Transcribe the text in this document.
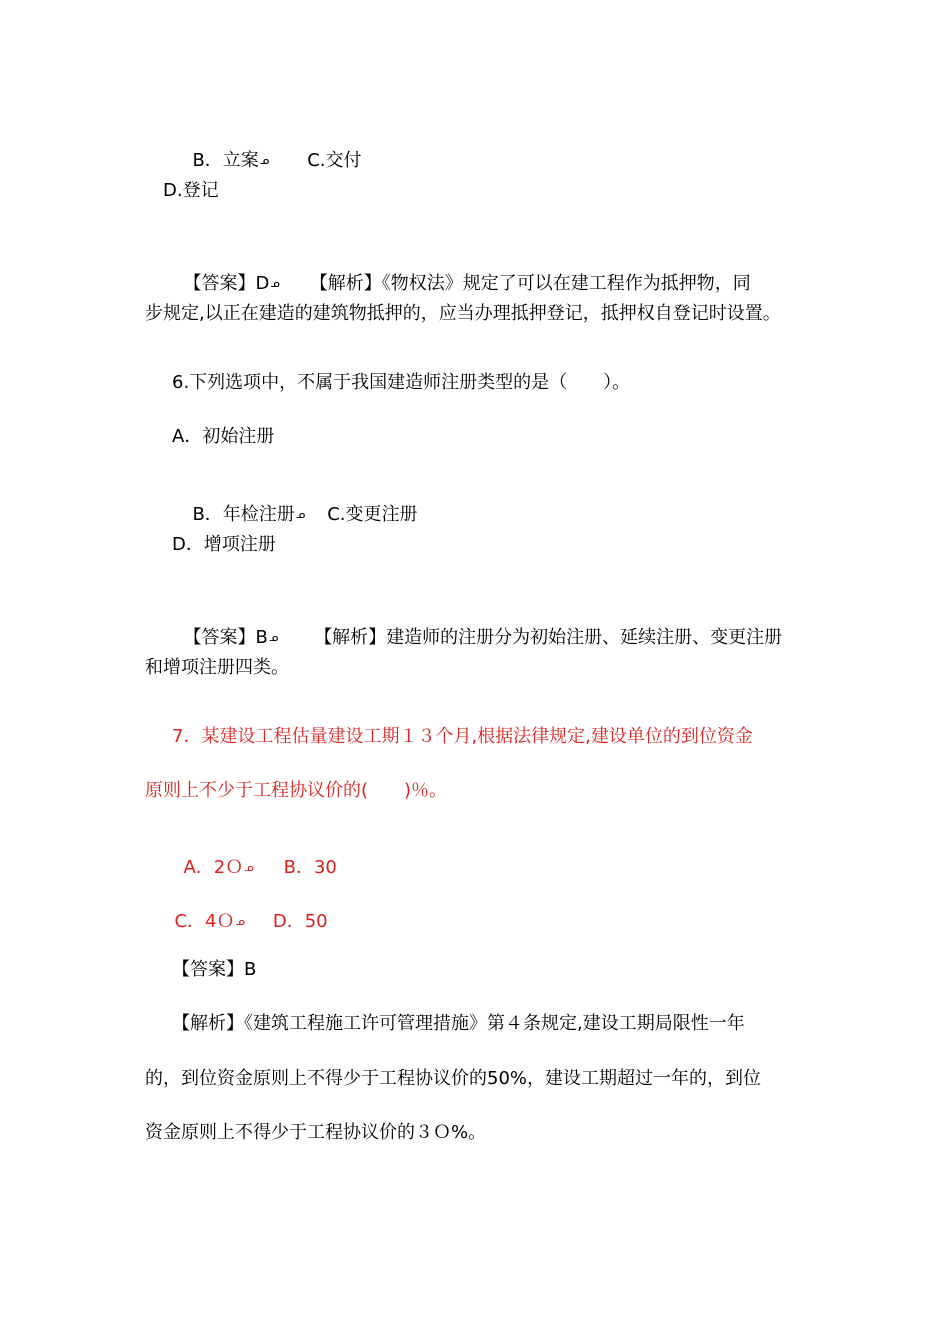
B．立案ᓄ C.交付

D.登记

【答案】Dᓄ 【解析】《物权法》规定了可以在建工程作为抵押物，同

步规定,以正在建造的建筑物抵押的，应当办理抵押登记，抵押权自登记时设置。
6.下列选项中，不属于我国建造师注册类型的是（　　）。
A．初始注册

B．年检注册ᓄ C.变更注册

D．增项注册

【答案】Bᓄ 【解析】建造师的注册分为初始注册、延续注册、变更注册

和增项注册四类。
7．某建设工程估量建设工期１３个月,根据法律规定,建设单位的到位资金
原则上不少于工程协议价的(　　)％。

A．2Ｏᓄ B．30

C．4Ｏᓄ D．50

【答案】B
【解析】《建筑工程施工许可管理措施》第４条规定,建设工期局限性一年
的，到位资金原则上不得少于工程协议价的50%，建设工期超过一年的，到位
资金原则上不得少于工程协议价的３Ｏ%。
